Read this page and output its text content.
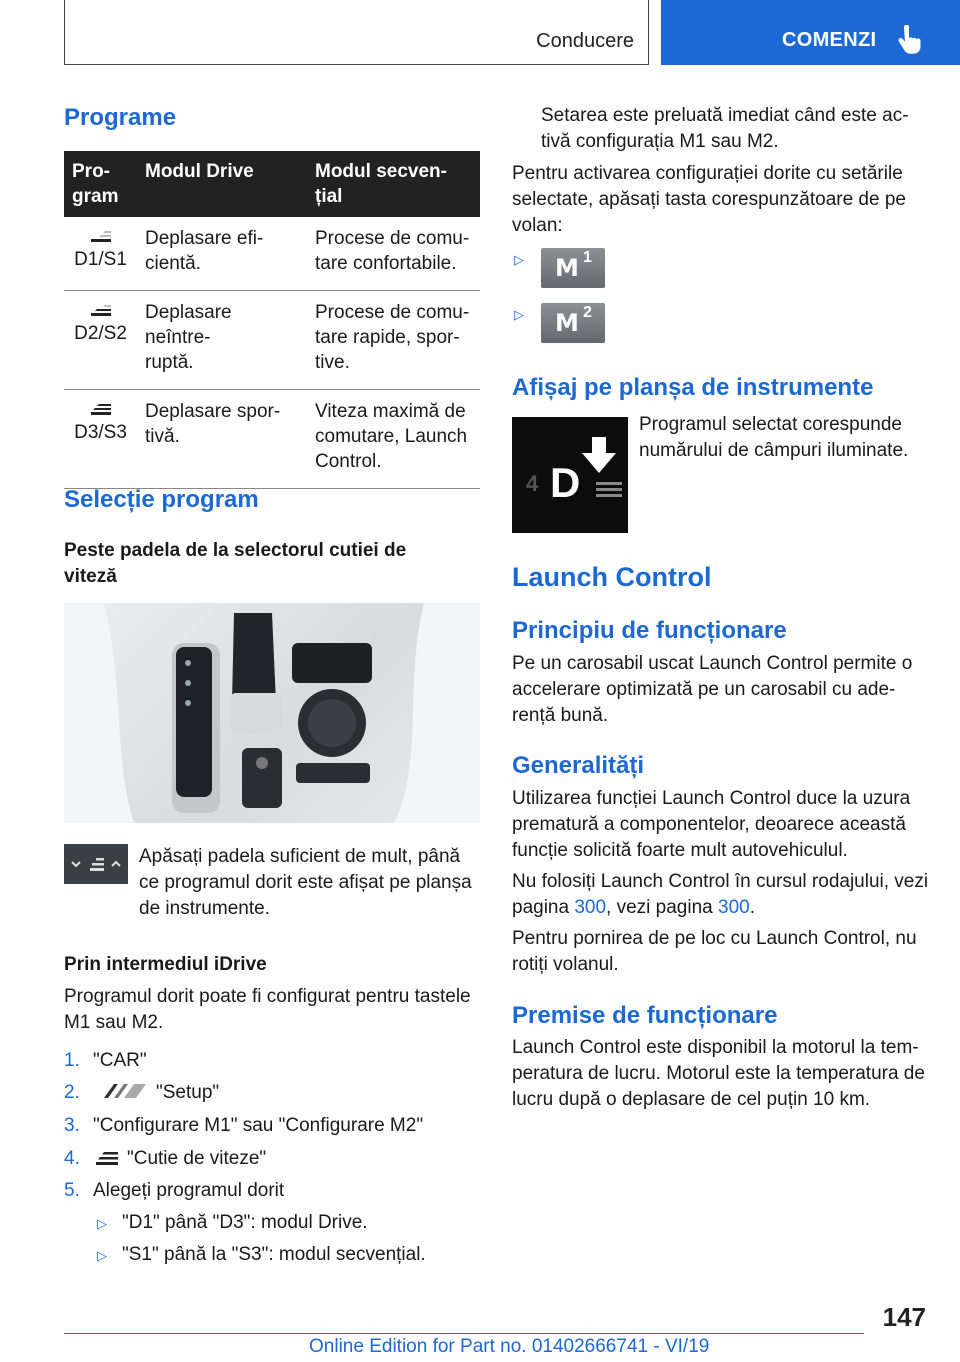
Conducere	COMENZI
Programe
Pro-
gram	Modul Drive	Modul secven-
țial

D1/S1	Deplasare efi-
cientă.	Procese de comu-
tare confortabile.

D2/S2	Deplasare neîntre-
ruptă.	Procese de comu-
tare rapide, spor-
tive.

D3/S3	Deplasare spor-
tivă.	Viteza maximă de
comutare, Launch
Control.
Selecție program
Peste padela de la selectorul cutiei de
viteză
Apăsați padela suficient de mult, până
ce programul dorit este afișat pe planșa
de instrumente.
Prin intermediul iDrive
Programul dorit poate fi configurat pentru tastele
M1 sau M2.
1. "CAR"
2.	"Setup"
3. "Configurare M1" sau "Configurare M2"
4. "Cutie de viteze"
5. Alegeți programul dorit
▷ "D1" până "D3": modul Drive.
▷ "S1" până la "S3": modul secvențial.
Setarea este preluată imediat când este ac-
tivă configurația M1 sau M2.
Pentru activarea configurației dorite cu setările
selectate, apăsați tasta corespunzătoare de pe
volan:
▷ M 1
▷ M 2
Afișaj pe planșa de instrumente
4 D
Programul selectat corespunde
numărului de câmpuri iluminate.
Launch Control
Principiu de funcționare
Pe un carosabil uscat Launch Control permite o
accelerare optimizată pe un carosabil cu ade-
rență bună.
Generalități
Utilizarea funcției Launch Control duce la uzura
prematură a componentelor, deoarece această
funcție solicită foarte mult autovehiculul.
Nu folosiți Launch Control în cursul rodajului, vezi
pagina 300, vezi pagina 300.
Pentru pornirea de pe loc cu Launch Control, nu
rotiți volanul.
Premise de funcționare
Launch Control este disponibil la motorul la tem-
peratura de lucru. Motorul este la temperatura de
lucru după o deplasare de cel puțin 10 km.
147
Online Edition for Part no. 01402666741 - VI/19
